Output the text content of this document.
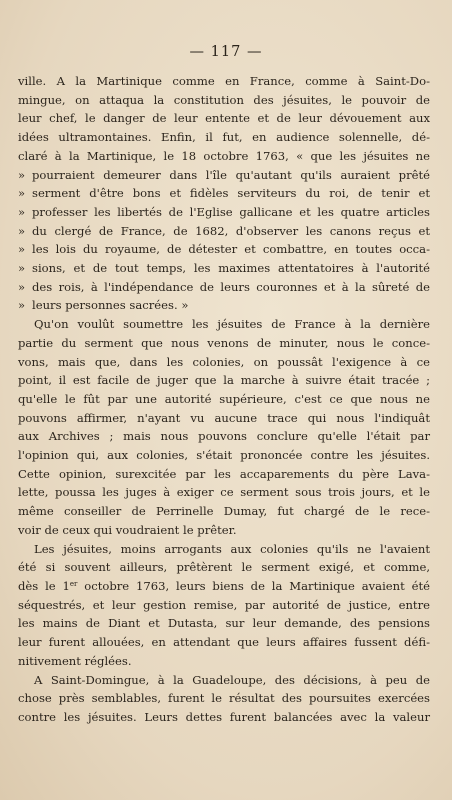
— 117 —
ville. A la Martinique comme en France, comme à Saint-Do-
mingue, on attaqua la constitution des jésuites, le pouvoir de
leur chef, le danger de leur entente et de leur dévouement aux
idées ultramontaines. Enfin, il fut, en audience solennelle, dé-
claré à la Martinique, le 18 octobre 1763, « que les jésuites ne
» pourraient demeurer dans l'île qu'autant qu'ils auraient prêté
» serment d'être bons et fidèles serviteurs du roi, de tenir et
» professer les libertés de l'Eglise gallicane et les quatre articles
» du clergé de France, de 1682, d'observer les canons reçus et
» les lois du royaume, de détester et combattre, en toutes occa-
» sions, et de tout temps, les maximes attentatoires à l'autorité
» des rois, à l'indépendance de leurs couronnes et à la sûreté de
» leurs personnes sacrées. »
Qu'on voulût soumettre les jésuites de France à la dernière
partie du serment que nous venons de minuter, nous le conce-
vons, mais que, dans les colonies, on poussât l'exigence à ce
point, il est facile de juger que la marche à suivre était tracée ;
qu'elle le fût par une autorité supérieure, c'est ce que nous ne
pouvons affirmer, n'ayant vu aucune trace qui nous l'indiquât
aux Archives ; mais nous pouvons conclure qu'elle l'était par
l'opinion qui, aux colonies, s'était prononcée contre les jésuites.
Cette opinion, surexcitée par les accaparements du père Lava-
lette, poussa les juges à exiger ce serment sous trois jours, et le
même conseiller de Perrinelle Dumay, fut chargé de le rece-
voir de ceux qui voudraient le prêter.
Les jésuites, moins arrogants aux colonies qu'ils ne l'avaient
été si souvent ailleurs, prêtèrent le serment exigé, et comme,
dès le 1er octobre 1763, leurs biens de la Martinique avaient été
séquestrés, et leur gestion remise, par autorité de justice, entre
les mains de Diant et Dutasta, sur leur demande, des pensions
leur furent allouées, en attendant que leurs affaires fussent défi-
nitivement réglées.
A Saint-Domingue, à la Guadeloupe, des décisions, à peu de
chose près semblables, furent le résultat des poursuites exercées
contre les jésuites. Leurs dettes furent balancées avec la valeur
